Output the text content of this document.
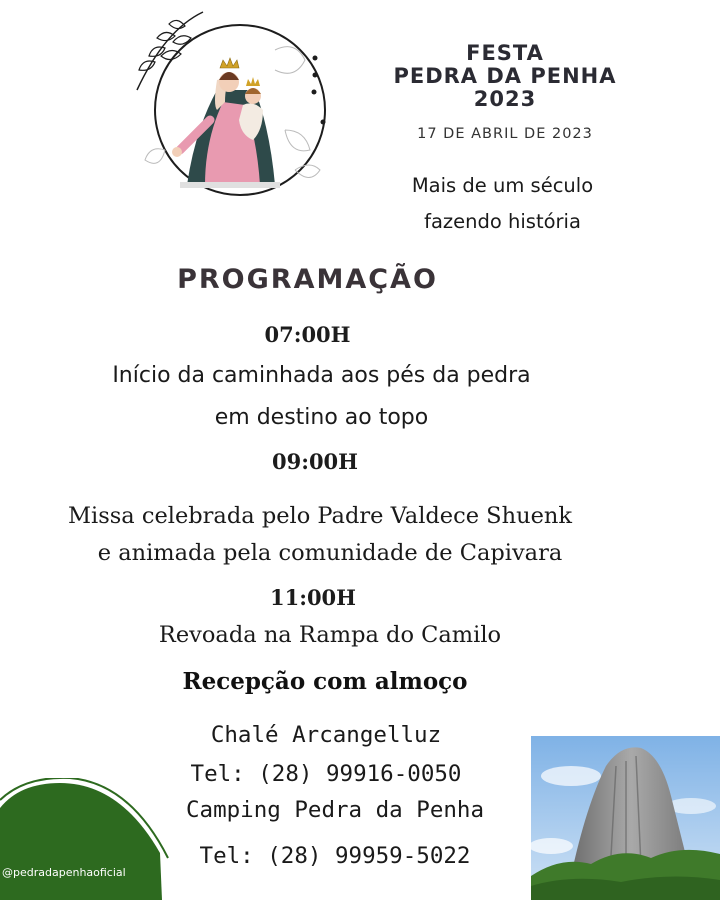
FESTA
PEDRA DA PENHA
2023
17 DE ABRIL DE 2023
Mais de um século
fazendo história
PROGRAMAÇÃO
07:00H
Início da caminhada aos pés da pedra
em destino ao topo
09:00H
Missa celebrada pelo Padre Valdece Shuenk
e animada pela comunidade de Capivara
11:00H
Revoada na Rampa do Camilo
Recepção com almoço
Chalé Arcangelluz
Tel: (28) 99916-0050
Camping Pedra da Penha
Tel: (28) 99959-5022
@pedradapenhaoficial
